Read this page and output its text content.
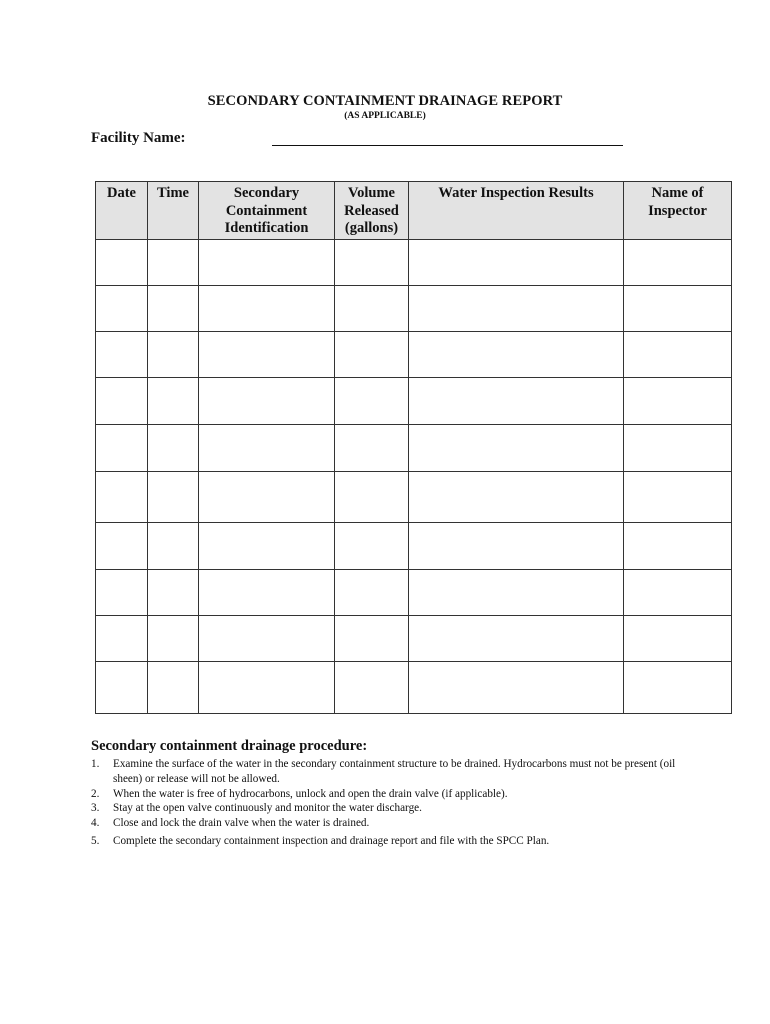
SECONDARY CONTAINMENT DRAINAGE REPORT
(AS APPLICABLE)
Facility Name:
Date	Time	Secondary Containment Identification	Volume Released (gallons)	Water Inspection Results	Name of Inspector

Secondary containment drainage procedure:
1. Examine the surface of the water in the secondary containment structure to be drained. Hydrocarbons must not be present (oil sheen) or release will not be allowed.
2. When the water is free of hydrocarbons, unlock and open the drain valve (if applicable).
3. Stay at the open valve continuously and monitor the water discharge.
4. Close and lock the drain valve when the water is drained.
5. Complete the secondary containment inspection and drainage report and file with the SPCC Plan.
